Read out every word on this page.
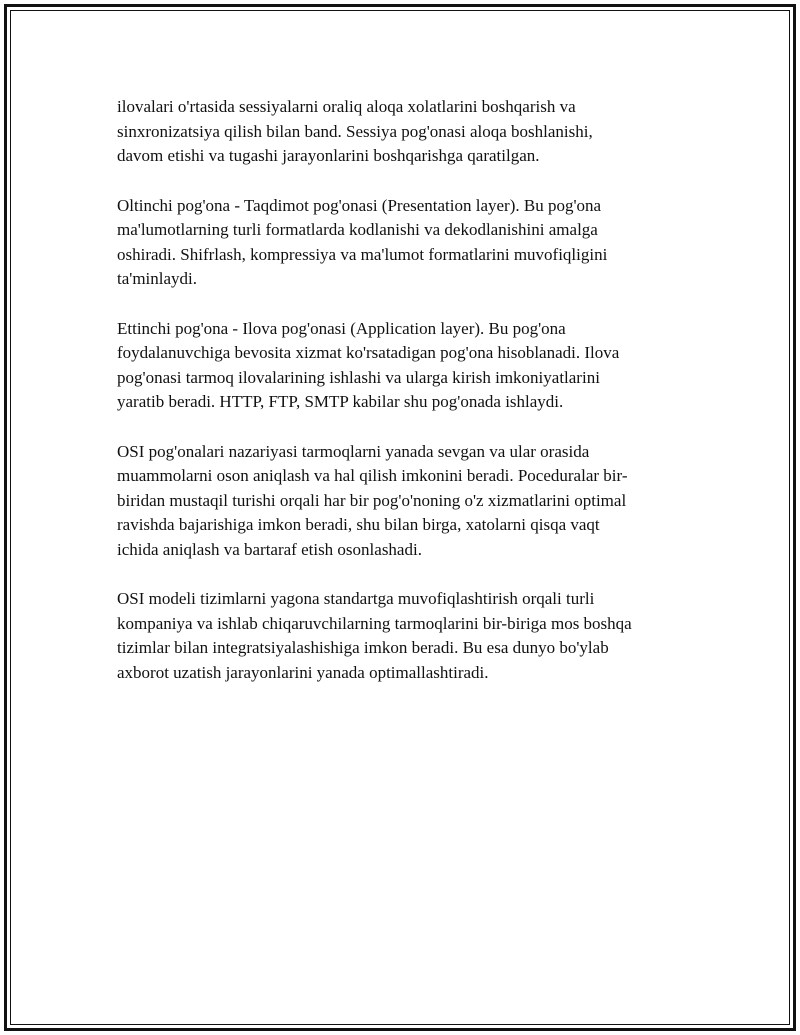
ilovalari o'rtasida sessiyalarni oraliq aloqa xolatlarini boshqarish va
sinxronizatsiya qilish bilan band. Sessiya pog'onasi aloqa boshlanishi,
davom etishi va tugashi jarayonlarini boshqarishga qaratilgan.

Oltinchi pog'ona - Taqdimot pog'onasi (Presentation layer). Bu pog'ona
ma'lumotlarning turli formatlarda kodlanishi va dekodlanishini amalga
oshiradi. Shifrlash, kompressiya va ma'lumot formatlarini muvofiqligini
ta'minlaydi.

Ettinchi pog'ona - Ilova pog'onasi (Application layer). Bu pog'ona
foydalanuvchiga bevosita xizmat ko'rsatadigan pog'ona hisoblanadi. Ilova
pog'onasi tarmoq ilovalarining ishlashi va ularga kirish imkoniyatlarini
yaratib beradi. HTTP, FTP, SMTP kabilar shu pog'onada ishlaydi.

OSI pog'onalari nazariyasi tarmoqlarni yanada sevgan va ular orasida
muammolarni oson aniqlash va hal qilish imkonini beradi. Poceduralar bir-
biridan mustaqil turishi orqali har bir pog'o'noning o'z xizmatlarini optimal
ravishda bajarishiga imkon beradi, shu bilan birga, xatolarni qisqa vaqt
ichida aniqlash va bartaraf etish osonlashadi.

OSI modeli tizimlarni yagona standartga muvofiqlashtirish orqali turli
kompaniya va ishlab chiqaruvchilarning tarmoqlarini bir-biriga mos boshqa
tizimlar bilan integratsiyalashishiga imkon beradi. Bu esa dunyo bo'ylab
axborot uzatish jarayonlarini yanada optimallashtiradi.
